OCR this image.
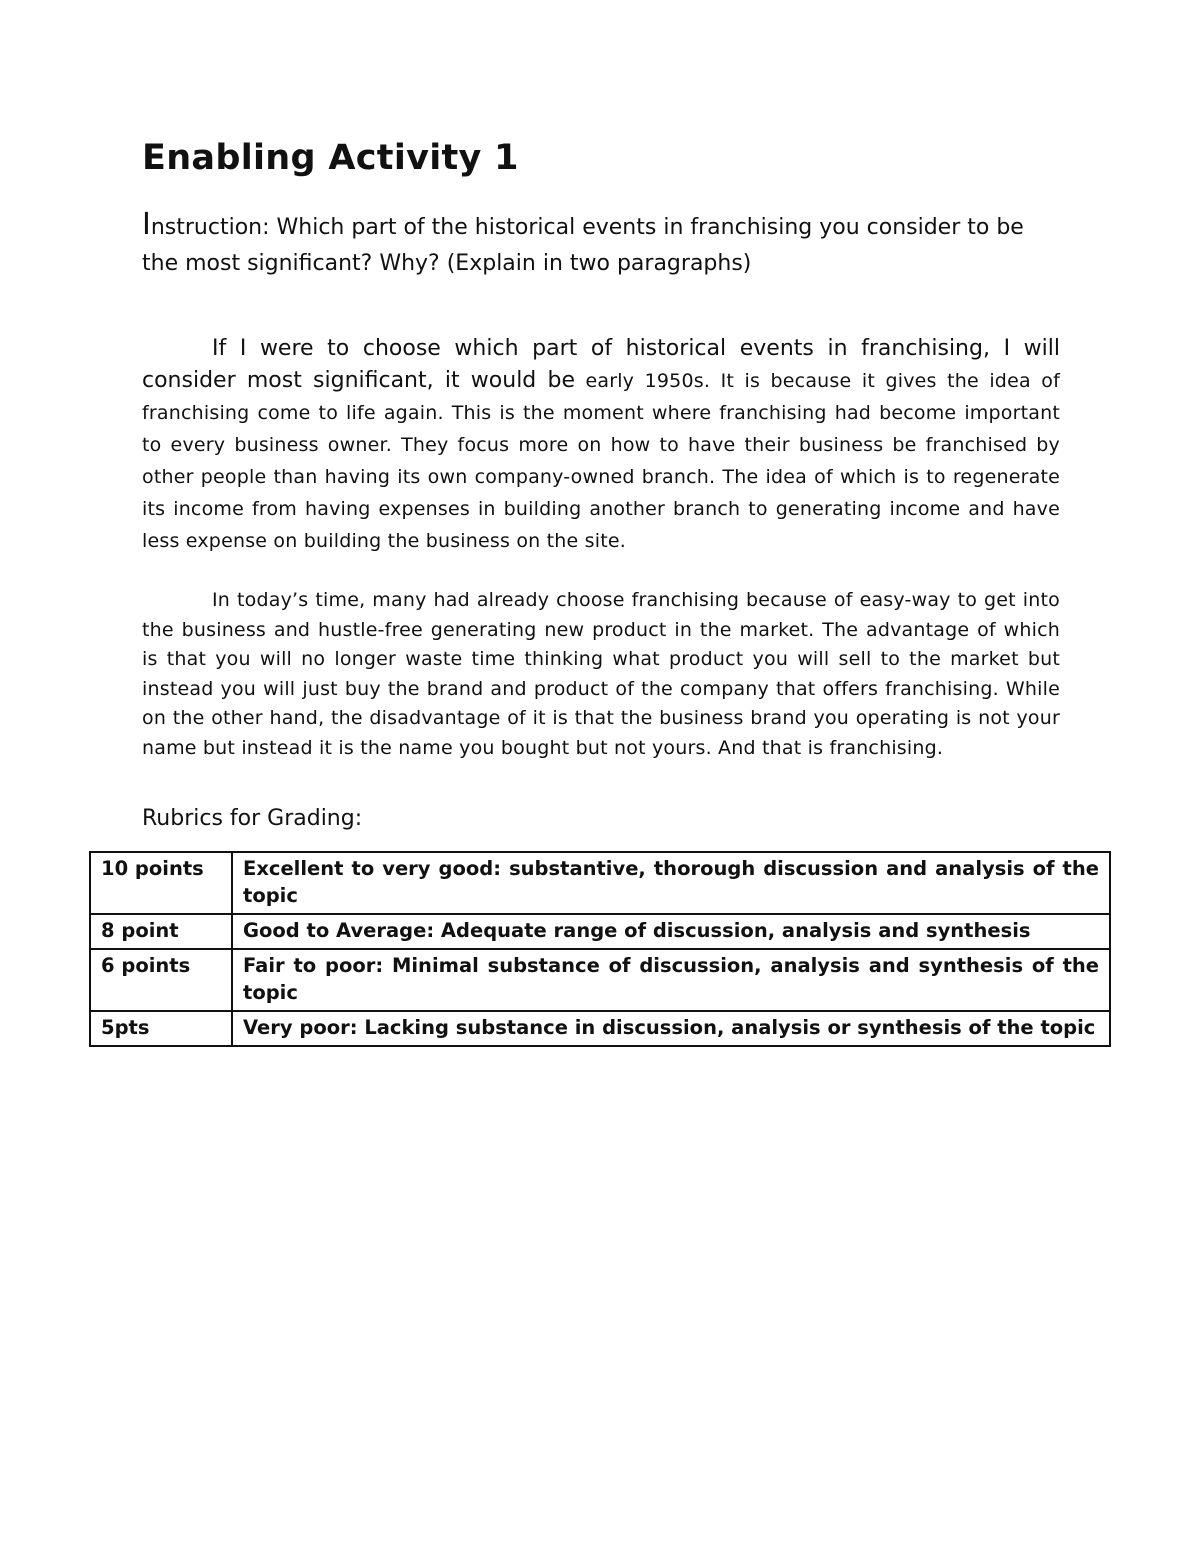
Enabling Activity 1

Instruction: Which part of the historical events in franchising you consider to be the most significant? Why? (Explain in two paragraphs)

If I were to choose which part of historical events in franchising, I will consider most significant, it would be early 1950s. It is because it gives the idea of franchising come to life again. This is the moment where franchising had become important to every business owner. They focus more on how to have their business be franchised by other people than having its own company-owned branch. The idea of which is to regenerate its income from having expenses in building another branch to generating income and have less expense on building the business on the site.

In today’s time, many had already choose franchising because of easy-way to get into the business and hustle-free generating new product in the market. The advantage of which is that you will no longer waste time thinking what product you will sell to the market but instead you will just buy the brand and product of the company that offers franchising. While on the other hand, the disadvantage of it is that the business brand you operating is not your name but instead it is the name you bought but not yours. And that is franchising.

Rubrics for Grading:

10 points	Excellent to very good: substantive, thorough discussion and analysis of the topic
8 point	Good to Average: Adequate range of discussion, analysis and synthesis
6 points	Fair to poor: Minimal substance of discussion, analysis and synthesis of the topic
5pts	Very poor: Lacking substance in discussion, analysis or synthesis of the topic
